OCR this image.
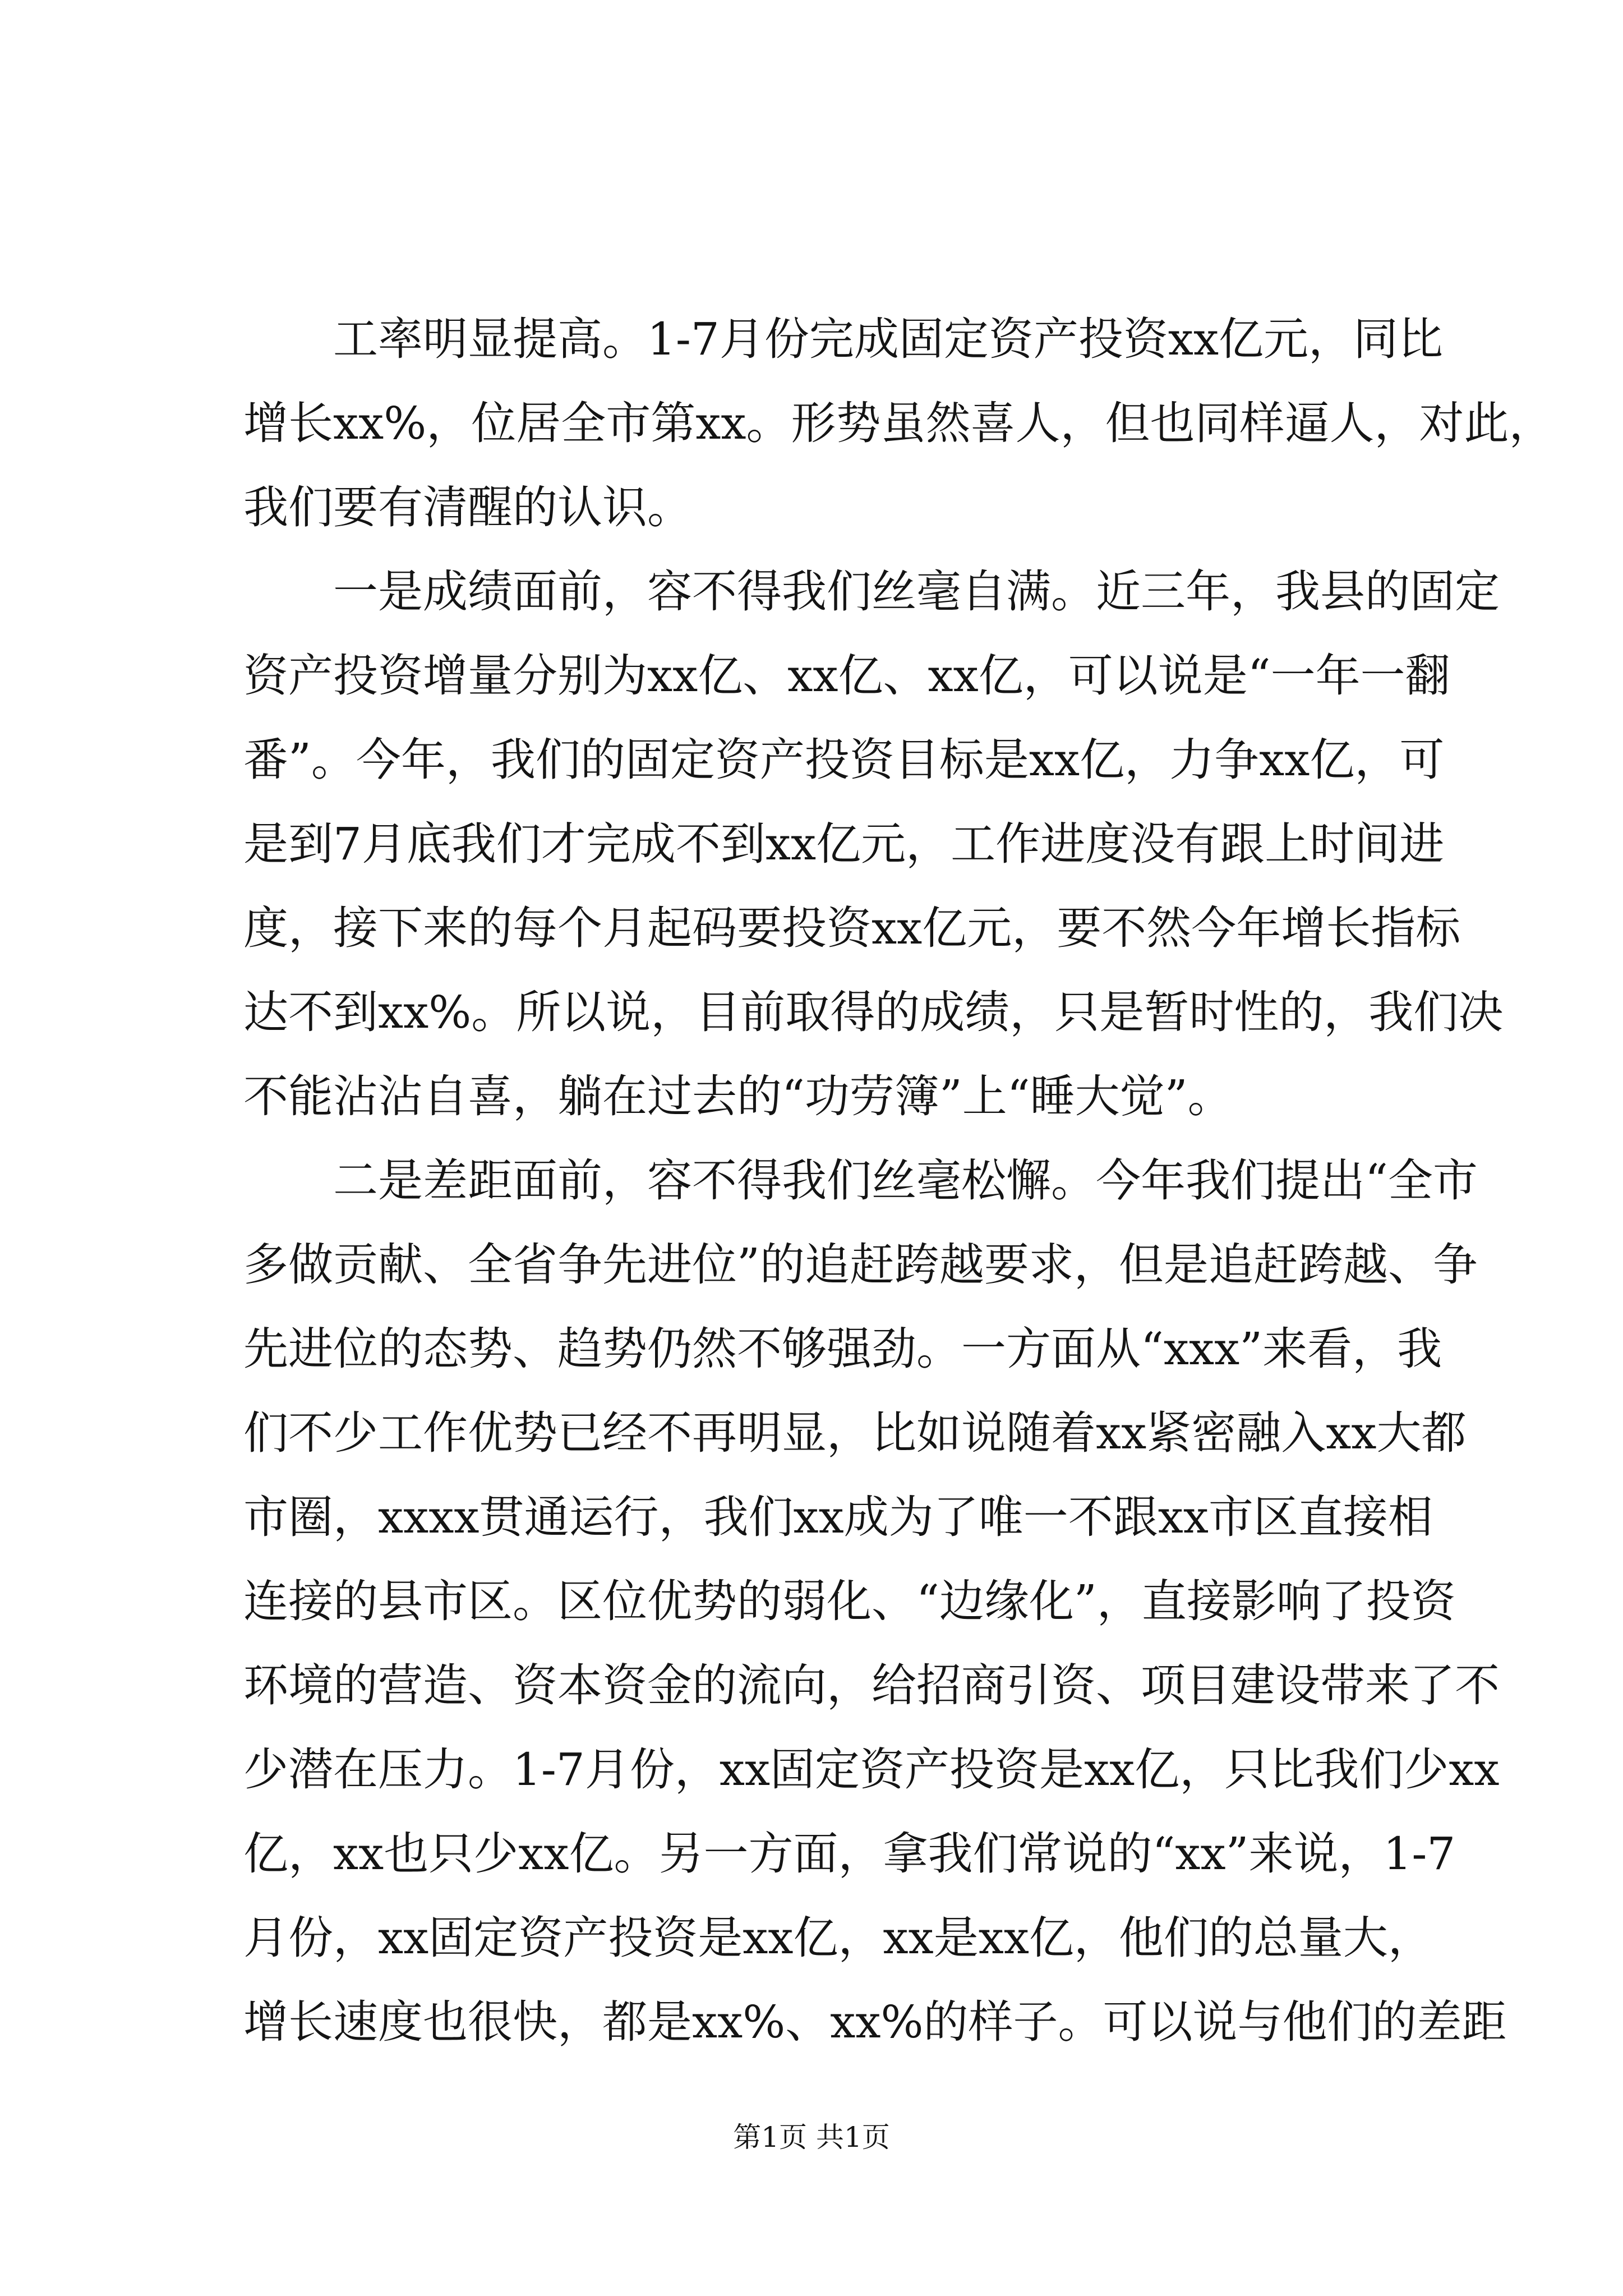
　　工率明显提高。1-7月份完成固定资产投资xx亿元，同比
增长xx%，位居全市第xx。形势虽然喜人，但也同样逼人，对此，
我们要有清醒的认识。
　　一是成绩面前，容不得我们丝毫自满。近三年，我县的固定
资产投资增量分别为xx亿、xx亿、xx亿，可以说是“一年一翻
番”。今年，我们的固定资产投资目标是xx亿，力争xx亿，可
是到7月底我们才完成不到xx亿元，工作进度没有跟上时间进
度，接下来的每个月起码要投资xx亿元，要不然今年增长指标
达不到xx%。所以说，目前取得的成绩，只是暂时性的，我们决
不能沾沾自喜，躺在过去的“功劳簿”上“睡大觉”。
　　二是差距面前，容不得我们丝毫松懈。今年我们提出“全市
多做贡献、全省争先进位”的追赶跨越要求，但是追赶跨越、争
先进位的态势、趋势仍然不够强劲。一方面从“xxx”来看，我
们不少工作优势已经不再明显，比如说随着xx紧密融入xx大都
市圈，xxxx贯通运行，我们xx成为了唯一不跟xx市区直接相
连接的县市区。区位优势的弱化、“边缘化”，直接影响了投资
环境的营造、资本资金的流向，给招商引资、项目建设带来了不
少潜在压力。1-7月份，xx固定资产投资是xx亿，只比我们少xx
亿，xx也只少xx亿。另一方面，拿我们常说的“xx”来说，1-7
月份，xx固定资产投资是xx亿，xx是xx亿，他们的总量大，
增长速度也很快，都是xx%、xx%的样子。可以说与他们的差距
第1页 共1页
